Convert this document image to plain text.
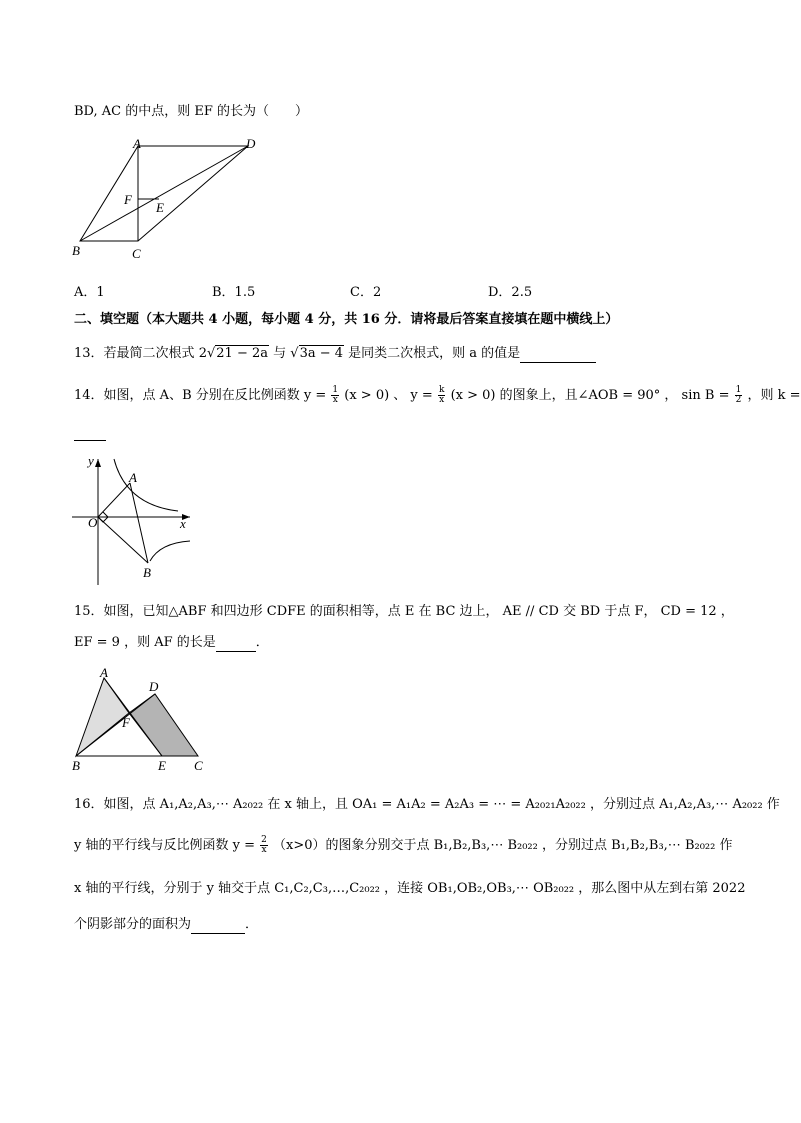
BD, AC 的中点，则 EF 的长为（　　）
A	D
F
E
B	C
A．1	B．1.5	C．2	D．2.5
二、填空题（本大题共 4 小题，每小题 4 分，共 16 分．请将最后答案直接填在题中横线上）
13．若最简二次根式 2√21 − 2a 与 √3a − 4 是同类二次根式，则 a 的值是
14．如图，点 A、B 分别在反比例函数 $y = \frac{1}{x} (x > 0)$ 、 $y = \frac{k}{x} (x > 0)$ 的图象上，且∠AOB = 90° ， $\sin B = \frac{1}{2}$ ，则 k =
y
x
O
A
B
15．如图，已知△ABF 和四边形 CDFE 的面积相等，点 E 在 BC 边上， AE // CD 交 BD 于点 F， CD = 12 ，
EF = 9 ，则 AF 的长是	．
A
D
F
B	E C
16．如图，点 A₁,A₂,A₃,⋯ A₂₀₂₂ 在 x 轴上，且 OA₁ = A₁A₂ = A₂A₃ = ⋯ = A₂₀₂₁A₂₀₂₂ ，分别过点 A₁,A₂,A₃,⋯ A₂₀₂₂ 作
y 轴的平行线与反比例函数 $y = \frac{2}{x} (x>0)$的图象分别交于点 B₁,B₂,B₃,⋯ B₂₀₂₂ ，分别过点 B₁,B₂,B₃,⋯ B₂₀₂₂ 作
x 轴的平行线，分别于 y 轴交于点 C₁,C₂,C₃,…,C₂₀₂₂ ，连接 OB₁,OB₂,OB₃,⋯ OB₂₀₂₂ ，那么图中从左到右第 2022
个阴影部分的面积为	．
